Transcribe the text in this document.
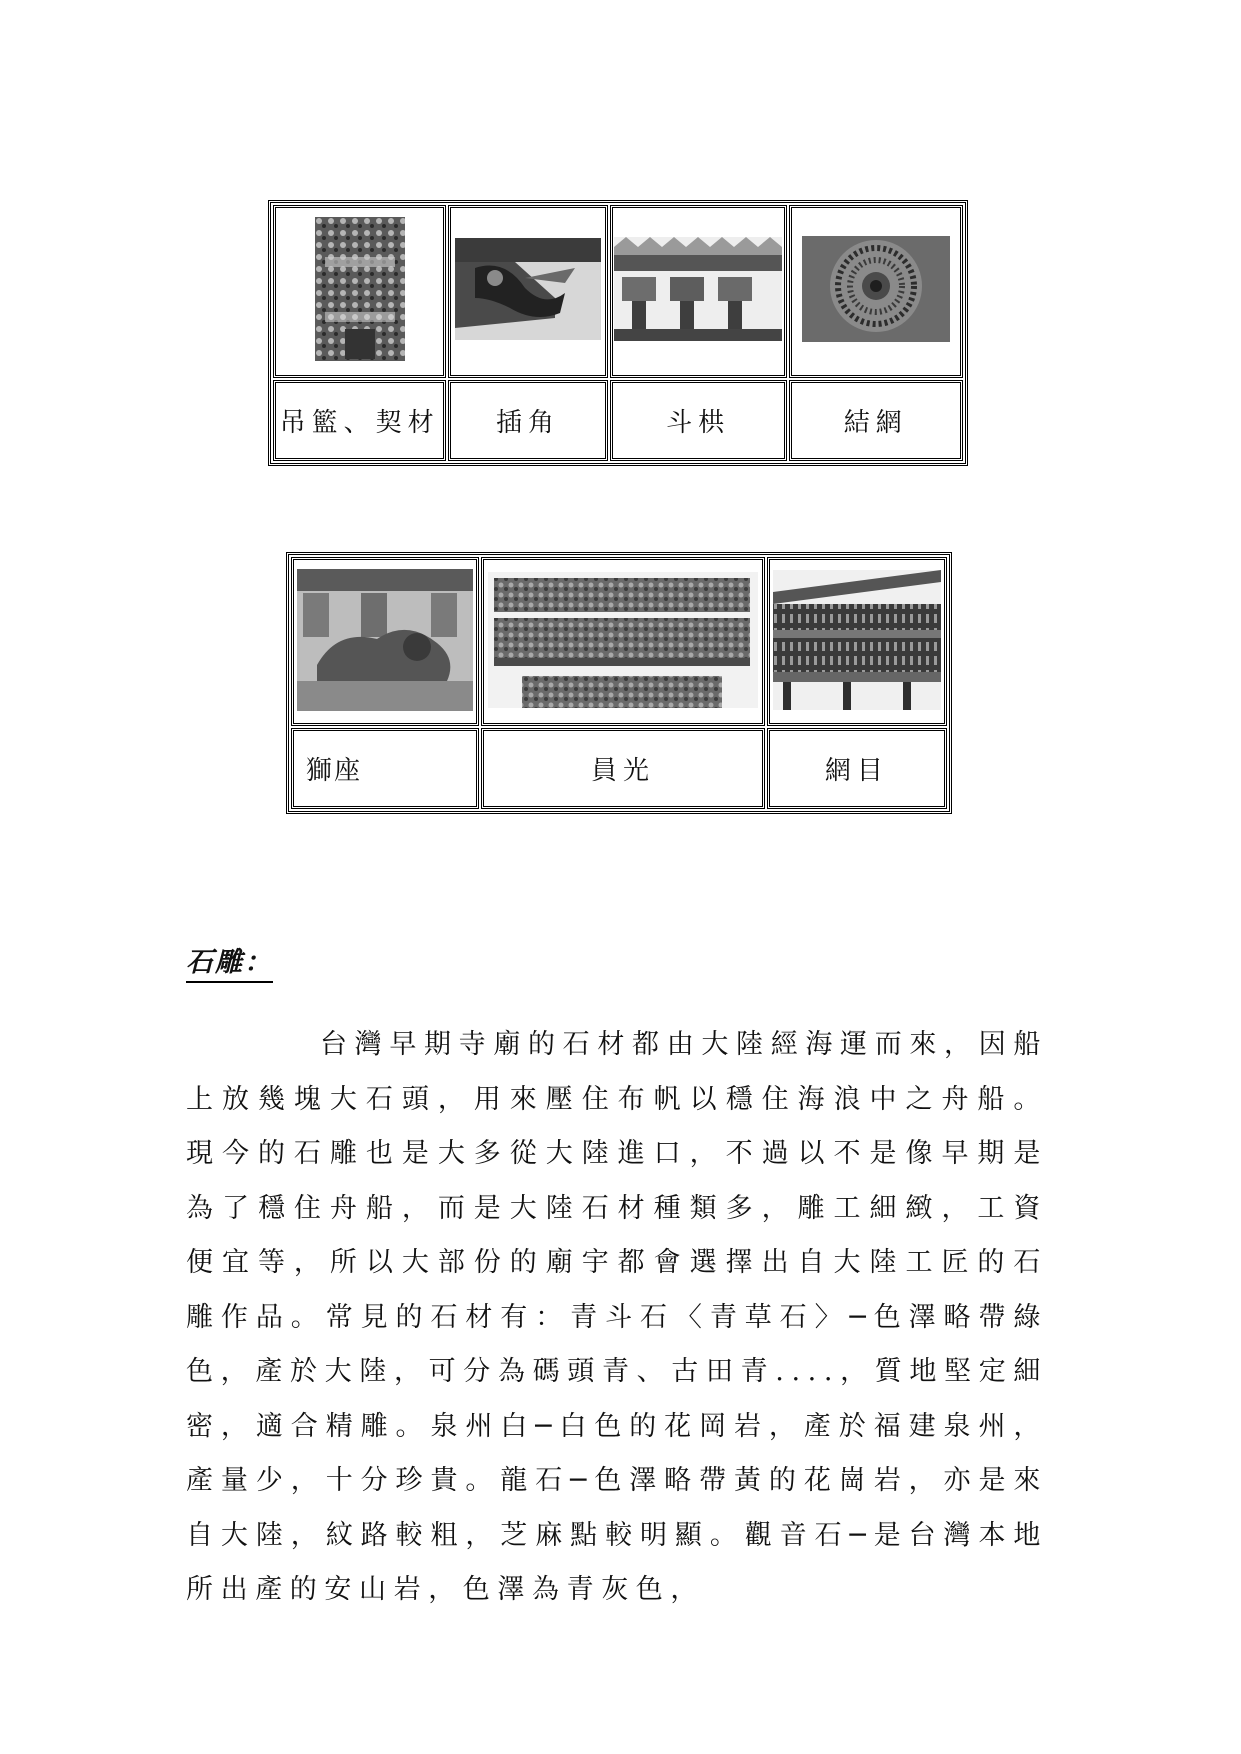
吊籃、契材	插角	斗栱	結網

獅座	員光	網目
石雕：

台灣早期寺廟的石材都由大陸經海運而來，因船上放幾塊大石頭，用來壓住布帆以穩住海浪中之舟船。現今的石雕也是大多從大陸進口，不過以不是像早期是為了穩住舟船，而是大陸石材種類多，雕工細緻，工資便宜等，所以大部份的廟宇都會選擇出自大陸工匠的石雕作品。常見的石材有：青斗石〈青草石〉─色澤略帶綠色，產於大陸，可分為碼頭青、古田青....，質地堅定細密，適合精雕。泉州白─白色的花岡岩，產於福建泉州，產量少，十分珍貴。龍石─色澤略帶黃的花崗岩，亦是來自大陸，紋路較粗，芝麻點較明顯。觀音石─是台灣本地所出產的安山岩，色澤為青灰色，
